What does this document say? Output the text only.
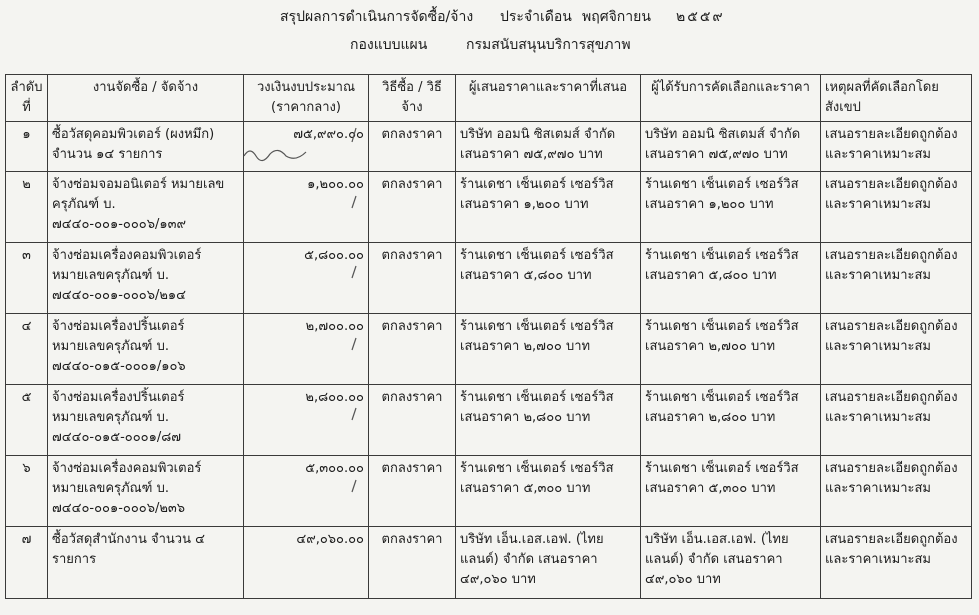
สรุปผลการดำเนินการจัดซื้อ/จ้าง ประจำเดือน พฤศจิกายน ๒๕๕๙
กองแบบแผน	กรมสนับสนุนบริการสุขภาพ
ลำดับที่	งานจัดซื้อ / จัดจ้าง	วงเงินงบประมาณ (ราคากลาง)	วิธีซื้อ / วิธีจ้าง	ผู้เสนอราคาและราคาที่เสนอ	ผู้ได้รับการคัดเลือกและราคา	เหตุผลที่คัดเลือกโดยสังเขป
๑	ซื้อวัสดุคอมพิวเตอร์ (ผงหมึก) จำนวน ๑๔ รายการ	๗๕,๙๙๐.๐๐	ตกลงราคา	บริษัท ออมนิ ซิสเตมส์ จำกัด เสนอราคา ๗๕,๙๗๐ บาท	บริษัท ออมนิ ซิสเตมส์ จำกัด เสนอราคา ๗๕,๙๗๐ บาท	เสนอรายละเอียดถูกต้องและราคาเหมาะสม
๒	จ้างซ่อมจอมอนิเตอร์ หมายเลขครุภัณฑ์ บ. ๗๔๔๐-๐๐๑-๐๐๐๖/๑๓๙	๑,๒๐๐.๐๐	ตกลงราคา	ร้านเดชา เซ็นเตอร์ เซอร์วิส เสนอราคา ๑,๒๐๐ บาท	ร้านเดชา เซ็นเตอร์ เซอร์วิส เสนอราคา ๑,๒๐๐ บาท	เสนอรายละเอียดถูกต้องและราคาเหมาะสม
๓	จ้างซ่อมเครื่องคอมพิวเตอร์ หมายเลขครุภัณฑ์ บ. ๗๔๔๐-๐๐๑-๐๐๐๖/๒๑๔	๕,๘๐๐.๐๐	ตกลงราคา	ร้านเดชา เซ็นเตอร์ เซอร์วิส เสนอราคา ๕,๘๐๐ บาท	ร้านเดชา เซ็นเตอร์ เซอร์วิส เสนอราคา ๕,๘๐๐ บาท	เสนอรายละเอียดถูกต้องและราคาเหมาะสม
๔	จ้างซ่อมเครื่องปริ้นเตอร์ หมายเลขครุภัณฑ์ บ. ๗๔๔๐-๐๑๕-๐๐๐๑/๑๐๖	๒,๗๐๐.๐๐	ตกลงราคา	ร้านเดชา เซ็นเตอร์ เซอร์วิส เสนอราคา ๒,๗๐๐ บาท	ร้านเดชา เซ็นเตอร์ เซอร์วิส เสนอราคา ๒,๗๐๐ บาท	เสนอรายละเอียดถูกต้องและราคาเหมาะสม
๕	จ้างซ่อมเครื่องปริ้นเตอร์ หมายเลขครุภัณฑ์ บ. ๗๔๔๐-๐๑๕-๐๐๐๑/๘๗	๒,๘๐๐.๐๐	ตกลงราคา	ร้านเดชา เซ็นเตอร์ เซอร์วิส เสนอราคา ๒,๘๐๐ บาท	ร้านเดชา เซ็นเตอร์ เซอร์วิส เสนอราคา ๒,๘๐๐ บาท	เสนอรายละเอียดถูกต้องและราคาเหมาะสม
๖	จ้างซ่อมเครื่องคอมพิวเตอร์ หมายเลขครุภัณฑ์ บ. ๗๔๔๐-๐๐๑-๐๐๐๖/๒๓๖	๕,๓๐๐.๐๐	ตกลงราคา	ร้านเดชา เซ็นเตอร์ เซอร์วิส เสนอราคา ๕,๓๐๐ บาท	ร้านเดชา เซ็นเตอร์ เซอร์วิส เสนอราคา ๕,๓๐๐ บาท	เสนอรายละเอียดถูกต้องและราคาเหมาะสม
๗	ซื้อวัสดุสำนักงาน จำนวน ๔ รายการ	๔๙,๐๖๐.๐๐	ตกลงราคา	บริษัท เอ็น.เอส.เอฟ. (ไทยแลนด์) จำกัด เสนอราคา ๔๙,๐๖๐ บาท	บริษัท เอ็น.เอส.เอฟ. (ไทยแลนด์) จำกัด เสนอราคา ๔๙,๐๖๐ บาท	เสนอรายละเอียดถูกต้องและราคาเหมาะสม
